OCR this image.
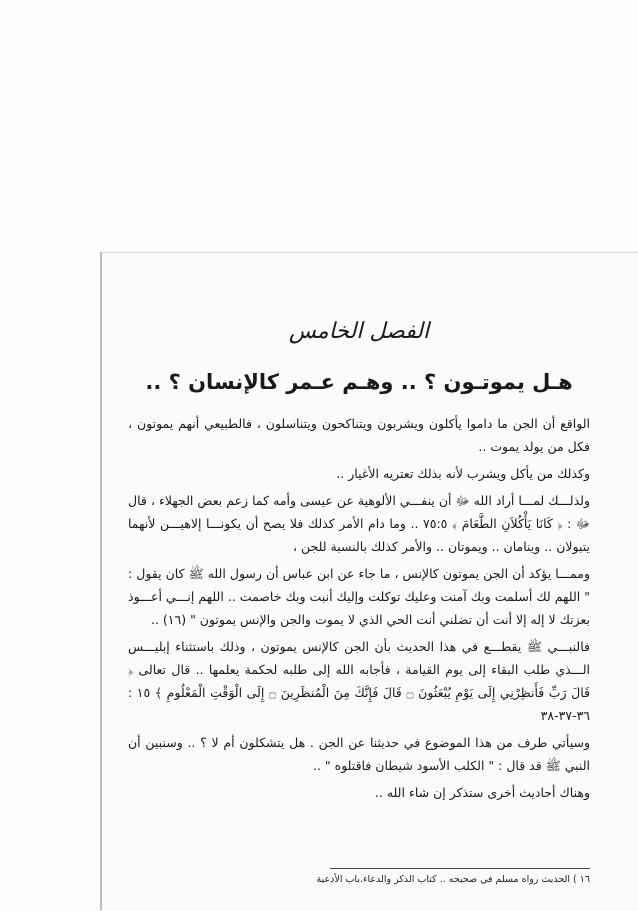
الفصل الخامس
هـل يموتـون ؟ .. وهـم عـمر كالإنسان ؟ ..

الواقع أن الجن ما داموا يأكلون ويشربون ويتناكحون ويتناسلون ، فالطبيعي أنهم يموتون ، فكل من يولد يموت ..

وكذلك من يأكل ويشرب لأنه بذلك تعتريه الأغيار ..

ولذلـــك لمـــا أراد الله ﷻ أن ينفـــي الألوهية عن عيسى وأمه كما زعم بعض الجهلاء ، قال ﷻ : ﴿ كَانَا يَأْكُلاَنِ الطَّعَامَ ﴾ ٧٥:٥ .. وما دام الأمر كذلك فلا يصح أن يكونـــا إلاهيـــن لأنهما يتبولان .. وينامان .. ويموتان .. والأمر كذلك بالنسبة للجن ،

وممـــا يؤكد أن الجن يموتون كالإنس ، ما جاء عن ابن عباس أن رسول الله ﷺ كان يقول : " اللهم لك أسلمت وبك آمنت وعليك توكلت وإليك أنبت وبك خاصمت .. اللهم إنـــي أعـــوذ بعزتك لا إله إلا أنت أن تضلني أنت الحي الذي لا يموت والجن والإنس يموتون " (١٦) ..

فالنبـــي ﷺ يقطـــع في هذا الحديث بأن الجن كالإنس يموتون ، وذلك باستثناء إبليـــس الـــذي طلب البقاء إلى يوم القيامة ، فأجابه الله إلى طلبه لحكمة يعلمها .. قال تعالى ﴿ قَالَ رَبِّ فَأَنظِرْنِي إِلَى يَوْمِ يُبْعَثُونَ ۝ قَالَ فَإِنَّكَ مِنَ الْمُنظَرِينَ ۝ إِلَى الْوَقْتِ الْمَعْلُومِ ﴾ ١٥ : ٣٦-٣٧-٣٨

وسيأتي طرف من هذا الموضوع في حديثنا عن الجن . هل يتشكلون أم لا ؟ .. وسنبين أن النبي ﷺ قد قال : " الكلب الأسود شيطان فاقتلوه " ..

وهناك أحاديث أخرى ستذكر إن شاء الله ..

١٦ ) الحديث رواه مسلم في صحيحه .. كتاب الذكر والدعاء.باب الأدعية
